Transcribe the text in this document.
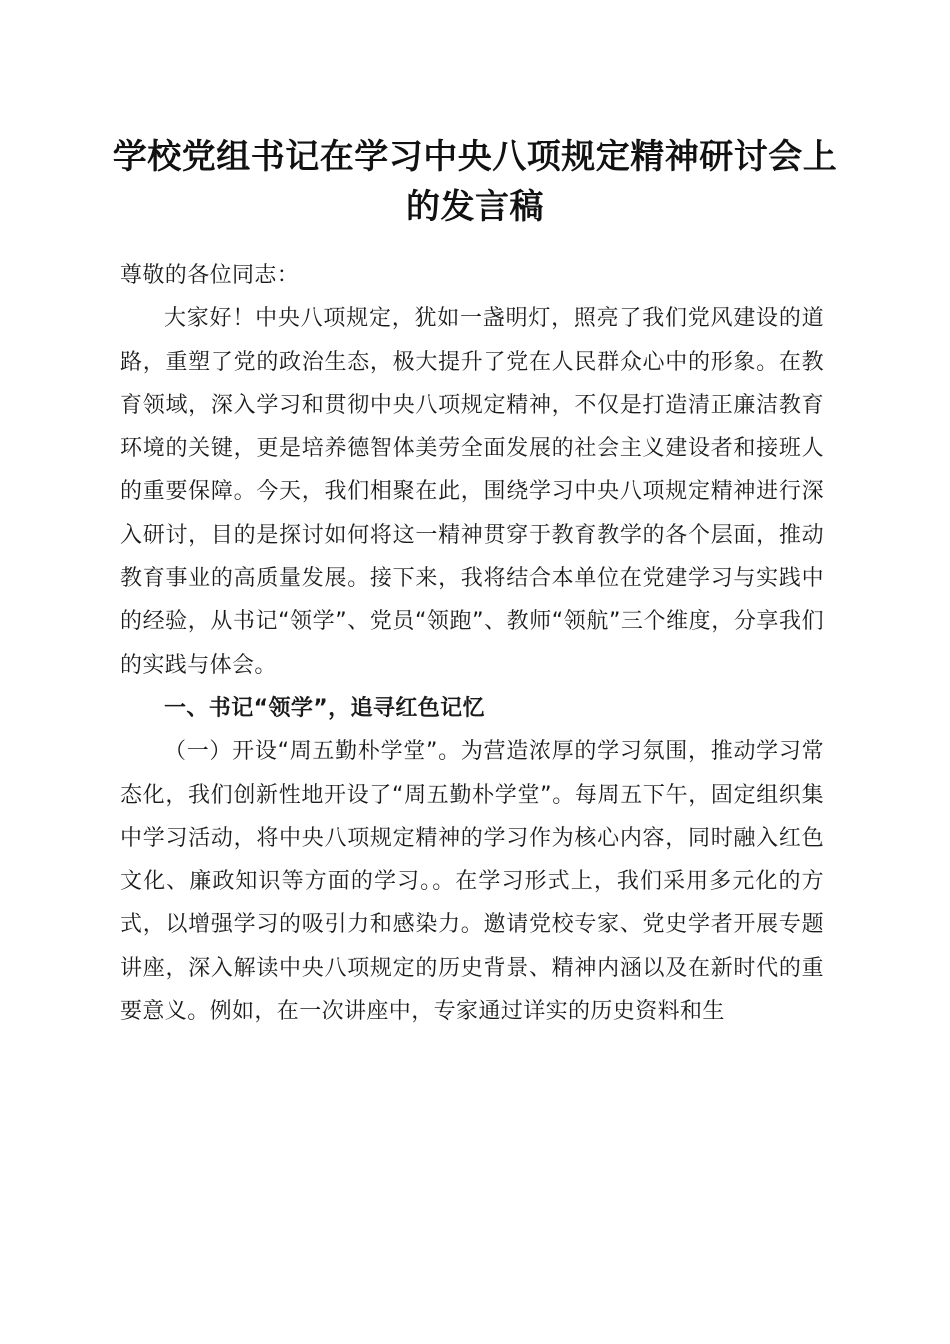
学校党组书记在学习中央八项规定精神研讨会上的发言稿

尊敬的各位同志：

大家好！中央八项规定，犹如一盏明灯，照亮了我们党风建设的道路，重塑了党的政治生态，极大提升了党在人民群众心中的形象。在教育领域，深入学习和贯彻中央八项规定精神，不仅是打造清正廉洁教育环境的关键，更是培养德智体美劳全面发展的社会主义建设者和接班人的重要保障。今天，我们相聚在此，围绕学习中央八项规定精神进行深入研讨，目的是探讨如何将这一精神贯穿于教育教学的各个层面，推动教育事业的高质量发展。接下来，我将结合本单位在党建学习与实践中的经验，从书记“领学”、党员“领跑”、教师“领航”三个维度，分享我们的实践与体会。

一、书记“领学”，追寻红色记忆

（一）开设“周五勤朴学堂”。为营造浓厚的学习氛围，推动学习常态化，我们创新性地开设了“周五勤朴学堂”。每周五下午，固定组织集中学习活动，将中央八项规定精神的学习作为核心内容，同时融入红色文化、廉政知识等方面的学习。。在学习形式上，我们采用多元化的方式，以增强学习的吸引力和感染力。邀请党校专家、党史学者开展专题讲座，深入解读中央八项规定的历史背景、精神内涵以及在新时代的重要意义。例如，在一次讲座中，专家通过详实的历史资料和生
